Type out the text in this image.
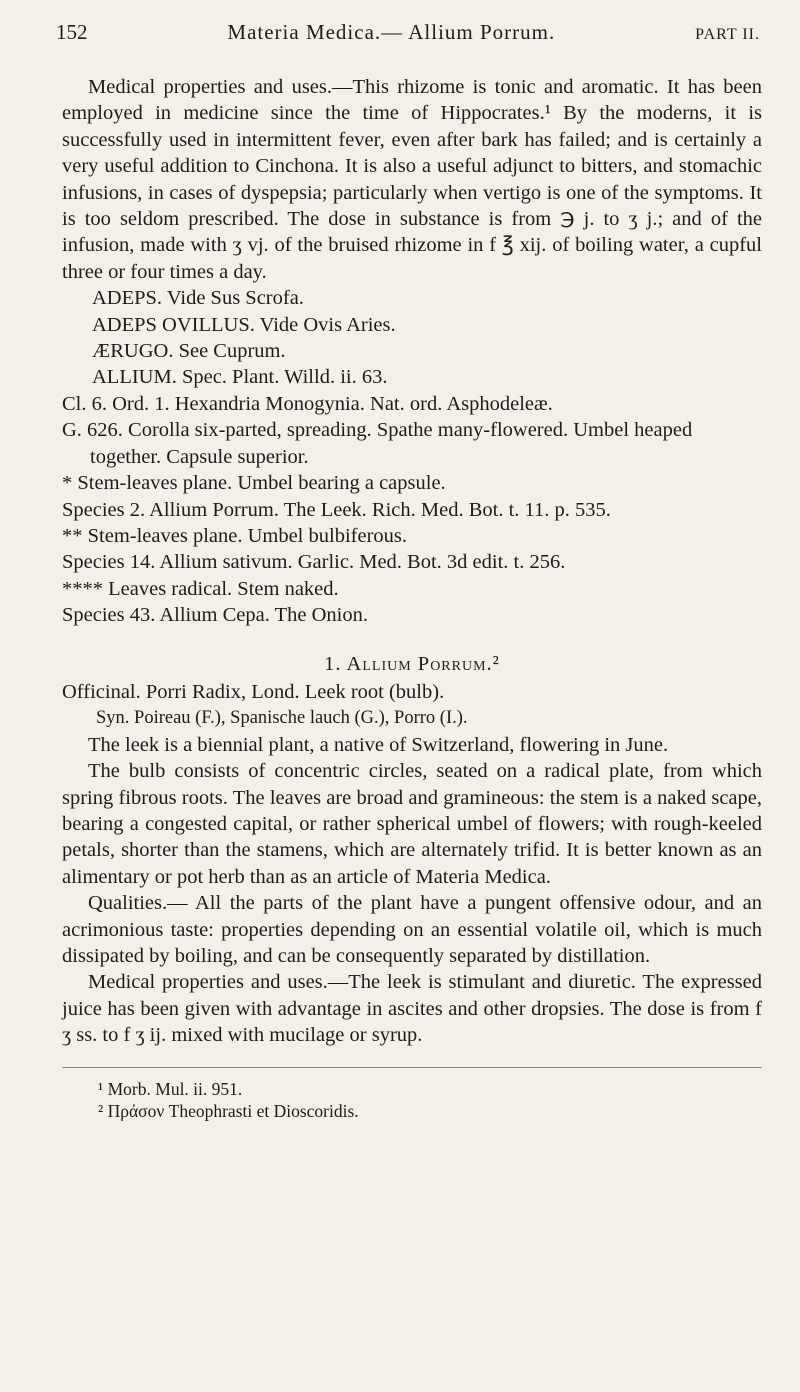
152	Materia Medica.— Allium Porrum.	PART II.

Medical properties and uses.—This rhizome is tonic and aromatic. It has been employed in medicine since the time of Hippocrates.¹ By the moderns, it is successfully used in intermittent fever, even after bark has failed; and is certainly a very useful addition to Cinchona. It is also a useful adjunct to bitters, and stomachic infusions, in cases of dyspepsia; particularly when vertigo is one of the symptoms. It is too seldom prescribed. The dose in substance is from ℈ j. to ʒ j.; and of the infusion, made with ʒ vj. of the bruised rhizome in f ℥ xij. of boiling water, a cupful three or four times a day.

ADEPS. Vide Sus Scrofa.

ADEPS OVILLUS. Vide Ovis Aries.

ÆRUGO. See Cuprum.

ALLIUM. Spec. Plant. Willd. ii. 63.

Cl. 6. Ord. 1. Hexandria Monogynia. Nat. ord. Asphodeleæ.

G. 626. Corolla six-parted, spreading. Spathe many-flowered. Umbel heaped together. Capsule superior.

* Stem-leaves plane. Umbel bearing a capsule.

Species 2. Allium Porrum. The Leek. Rich. Med. Bot. t. 11. p. 535.

** Stem-leaves plane. Umbel bulbiferous.

Species 14. Allium sativum. Garlic. Med. Bot. 3d edit. t. 256.

**** Leaves radical. Stem naked.

Species 43. Allium Cepa. The Onion.

1. Allium Porrum.²

Officinal. Porri Radix, Lond. Leek root (bulb).

Syn. Poireau (F.), Spanische lauch (G.), Porro (I.).

The leek is a biennial plant, a native of Switzerland, flowering in June.

The bulb consists of concentric circles, seated on a radical plate, from which spring fibrous roots. The leaves are broad and gramineous: the stem is a naked scape, bearing a congested capital, or rather spherical umbel of flowers; with rough-keeled petals, shorter than the stamens, which are alternately trifid. It is better known as an alimentary or pot herb than as an article of Materia Medica.

Qualities.— All the parts of the plant have a pungent offensive odour, and an acrimonious taste: properties depending on an essential volatile oil, which is much dissipated by boiling, and can be consequently separated by distillation.

Medical properties and uses.—The leek is stimulant and diuretic. The expressed juice has been given with advantage in ascites and other dropsies. The dose is from f ʒ ss. to f ʒ ij. mixed with mucilage or syrup.

¹ Morb. Mul. ii. 951.

² Πράσον Theophrasti et Dioscoridis.
